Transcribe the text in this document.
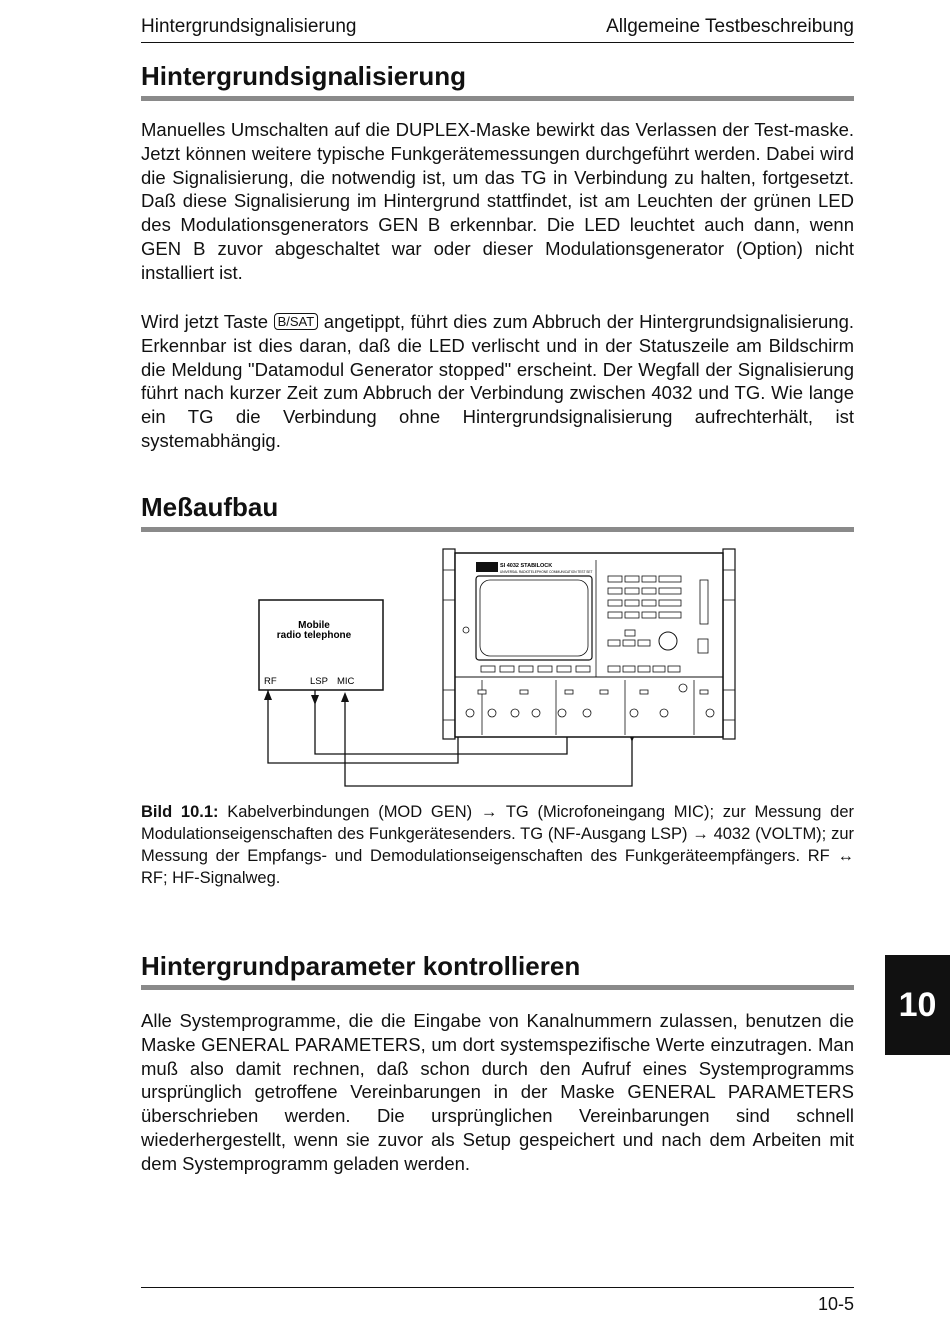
Hintergrundsignalisierung	Allgemeine Testbeschreibung
Hintergrundsignalisierung

Manuelles Umschalten auf die DUPLEX-Maske bewirkt das Verlassen der Test-maske. Jetzt können weitere typische Funkgerätemessungen durchgeführt werden. Dabei wird die Signalisierung, die notwendig ist, um das TG in Verbindung zu halten, fortgesetzt. Daß diese Signalisierung im Hintergrund stattfindet, ist am Leuchten der grünen LED des Modulationsgenerators GEN B erkennbar. Die LED leuchtet auch dann, wenn GEN B zuvor abgeschaltet war oder dieser Modulationsgenerator (Option) nicht installiert ist.

Wird jetzt Taste B/SAT angetippt, führt dies zum Abbruch der Hintergrundsignalisierung. Erkennbar ist dies daran, daß die LED verlischt und in der Statuszeile am Bildschirm die Meldung "Datamodul Generator stopped" erscheint. Der Wegfall der Signalisierung führt nach kurzer Zeit zum Abbruch der Verbindung zwischen 4032 und TG. Wie lange ein TG die Verbindung ohne Hintergrundsignalisierung aufrechterhält, ist systemabhängig.

Meßaufbau
Mobile
radio telephone
RF	LSP MIC
SI 4032 STABILOCK
UNIVERSAL RADIOTELEPHONE COMMUNICATION TEST SET

Bild 10.1: Kabelverbindungen (MOD GEN) → TG (Microfoneingang MIC); zur Messung der Modulationseigenschaften des Funkgerätesenders. TG (NF-Ausgang LSP) → 4032 (VOLTM); zur Messung der Empfangs- und Demodulationseigenschaften des Funkgeräteempfängers. RF ↔ RF; HF-Signalweg.

Hintergrundparameter kontrollieren

Alle Systemprogramme, die die Eingabe von Kanalnummern zulassen, benutzen die Maske GENERAL PARAMETERS, um dort systemspezifische Werte einzutragen. Man muß also damit rechnen, daß schon durch den Aufruf eines Systemprogramms ursprünglich getroffene Vereinbarungen in der Maske GENERAL PARAMETERS überschrieben werden. Die ursprünglichen Vereinbarungen sind schnell wiederhergestellt, wenn sie zuvor als Setup gespeichert und nach dem Arbeiten mit dem Systemprogramm geladen werden.

10
10-5
